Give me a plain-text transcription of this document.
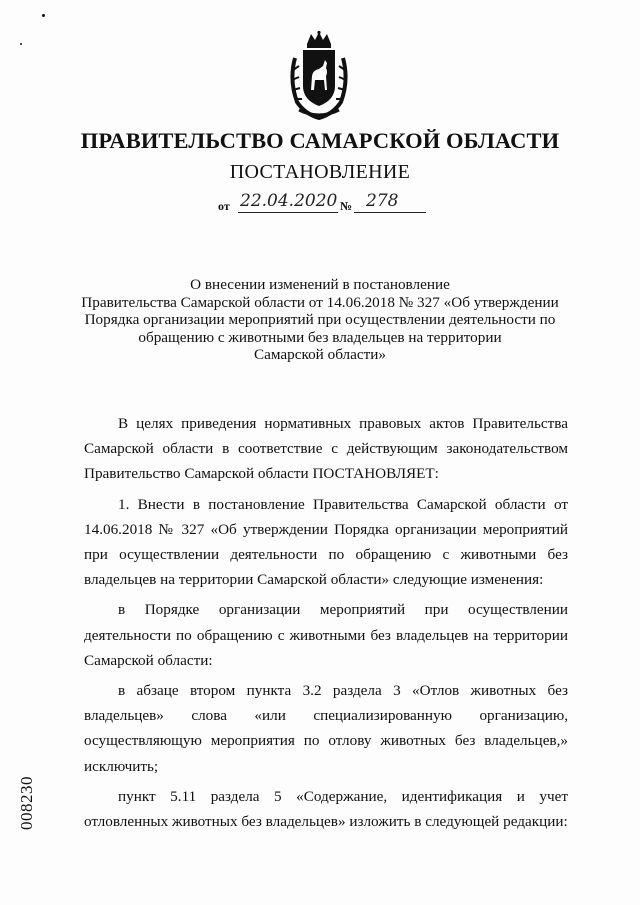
ПРАВИТЕЛЬСТВО САМАРСКОЙ ОБЛАСТИ
ПОСТАНОВЛЕНИЕ
от 22.04.2020 № 278
О внесении изменений в постановление
Правительства Самарской области от 14.06.2018 № 327 «Об утверждении
Порядка организации мероприятий при осуществлении деятельности по
обращению с животными без владельцев на территории
Самарской области»

В целях приведения нормативных правовых актов Правительства Самарской области в соответствие с действующим законодательством Правительство Самарской области ПОСТАНОВЛЯЕТ:

1. Внести в постановление Правительства Самарской области от 14.06.2018 № 327 «Об утверждении Порядка организации мероприятий при осуществлении деятельности по обращению с животными без владельцев на территории Самарской области» следующие изменения:

в Порядке организации мероприятий при осуществлении деятельности по обращению с животными без владельцев на территории Самарской области:

в абзаце втором пункта 3.2 раздела 3 «Отлов животных без владельцев» слова «или специализированную организацию, осуществляющую мероприятия по отлову животных без владельцев,» исключить;

пункт 5.11 раздела 5 «Содержание, идентификация и учет отловленных животных без владельцев» изложить в следующей редакции:

008230
